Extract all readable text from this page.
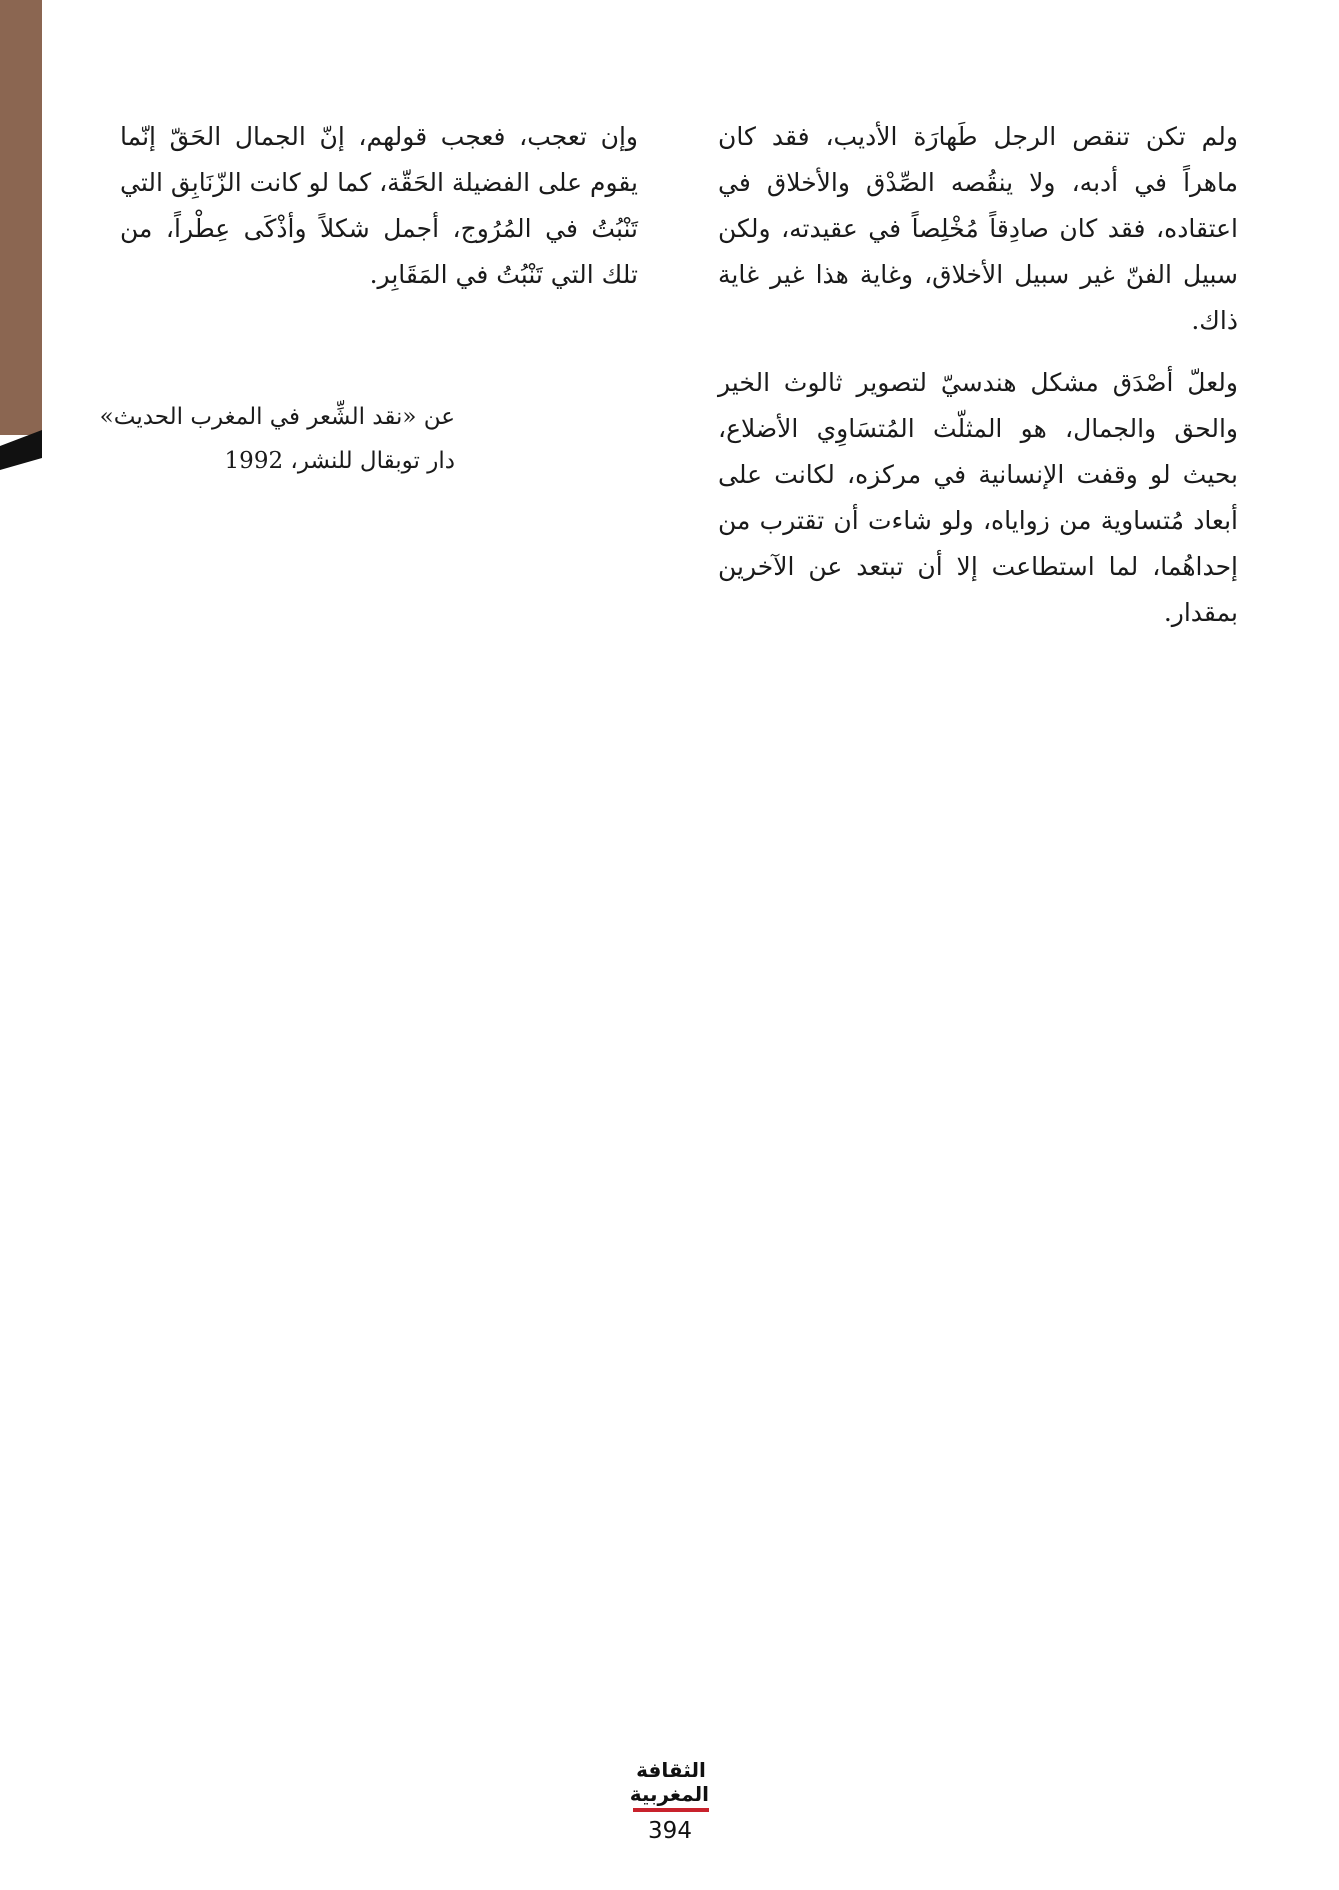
ولم تكن تنقص الرجل طَهارَة الأديب، فقد كان ماهراً في أدبه، ولا ينقُصه الصِّدْق والأخلاق في اعتقاده، فقد كان صادِقاً مُخْلِصاً في عقيدته، ولكن سبيل الفنّ غير سبيل الأخلاق، وغاية هذا غير غاية ذاك.

ولعلّ أصْدَق مشكل هندسيّ لتصوير ثالوث الخير والحق والجمال، هو المثلّث المُتسَاوِي الأضلاع، بحيث لو وقفت الإنسانية في مركزه، لكانت على أبعاد مُتساوية من زواياه، ولو شاءت أن تقترب من إحداهُما، لما استطاعت إلا أن تبتعد عن الآخرين بمقدار.

وإن تعجب، فعجب قولهم، إنّ الجمال الحَقّ إنّما يقوم على الفضيلة الحَقّة، كما لو كانت الزّنَابِق التي تَنْبُتُ في المُرُوج، أجمل شكلاً وأذْكَى عِطْراً، من تلك التي تَنْبُتُ في المَقَابِر.

عن «نقد الشِّعر في المغرب الحديث»
دار توبقال للنشر، 1992
الثقافة
المغربية
394
